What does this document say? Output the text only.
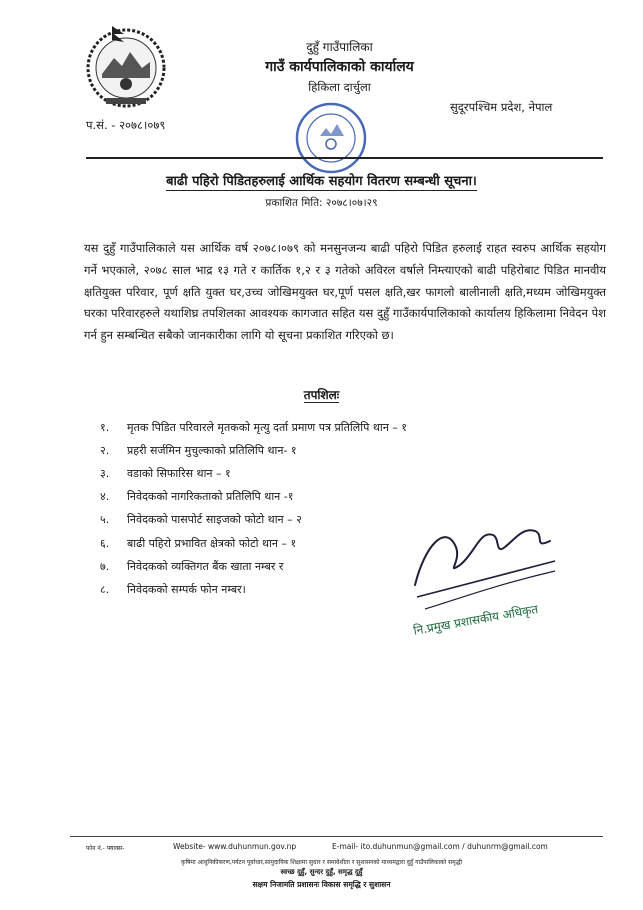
दुहुँ गाउँपालिका
गाउँ कार्यपालिकाको कार्यालय
हिकिला दार्चुला
सुदूरपश्चिम प्रदेश, नेपाल
प.सं. - २०७८।०७९
बाढी पहिरो पिडितहरुलाई आर्थिक सहयोग वितरण सम्बन्धी सूचना।
प्रकाशित मिति: २०७८।०७।२९

यस दुहुँ गाउँपालिकाले यस आर्थिक वर्ष २०७८।०७९ को मनसुनजन्य बाढी पहिरो पिडित हरुलाई राहत स्वरुप आर्थिक सहयोग गर्ने भएकाले, २०७८ साल भाद्र १३ गते र कार्तिक १,२ र ३ गतेको अविरल वर्षाले निम्त्याएको बाढी पहिरोबाट पिडित मानवीय क्षतियुक्त परिवार, पूर्ण क्षति युक्त घर,उच्च जोखिमयुक्त घर,पूर्ण पसल क्षति,खर फागलो बालीनाली क्षति,मध्यम जोखिमयुक्त घरका परिवारहरुले यथाशिघ्र तपशिलका आवश्यक कागजात सहित यस दुहुँ गाउँकार्यपालिकाको कार्यालय हिकिलामा निवेदन पेश गर्न हुन सम्बन्धित सबैको जानकारीका लागि यो सूचना प्रकाशित गरिएको छ।

तपशिलः
१.	मृतक पिडित परिवारले मृतकको मृत्यु दर्ता प्रमाण पत्र प्रतिलिपि थान – १
२.	प्रहरी सर्जमिन मुचुल्काको प्रतिलिपि थान- १
३.	वडाको सिफारिस थान – १
४.	निवेदकको नागरिकताको प्रतिलिपि थान -१
५.	निवेदकको पासपोर्ट साइजको फोटो थान – २
६.	बाढी पहिरो प्रभावित क्षेत्रको फोटो थान – १
७.	निवेदकको व्यक्तिगत बैंक खाता नम्बर र
८.	निवेदकको सम्पर्क फोन नम्बर।
नि.प्रमुख प्रशासकीय अधिकृत
फोन नं.- फ्याक्स-	Website- www.duhunmun.gov.np	E-mail- ito.duhunmun@gmail.com / duhunrm@gmail.com
कृषिमा आधुनिकीकरण,पर्यटन पूर्वाधार,सामुदायिक शिक्षामा सुधार र समावेशीता र सुशासनको माध्यमद्वारा दुहुँ गाउँपालिकाको समृद्धी
स्वच्छ दुहुँ, सुन्दर दुहुँ, समृद्ध दुहुँ
सक्षम निजामति प्रशासनः विकास समृद्धि र सुशासन
